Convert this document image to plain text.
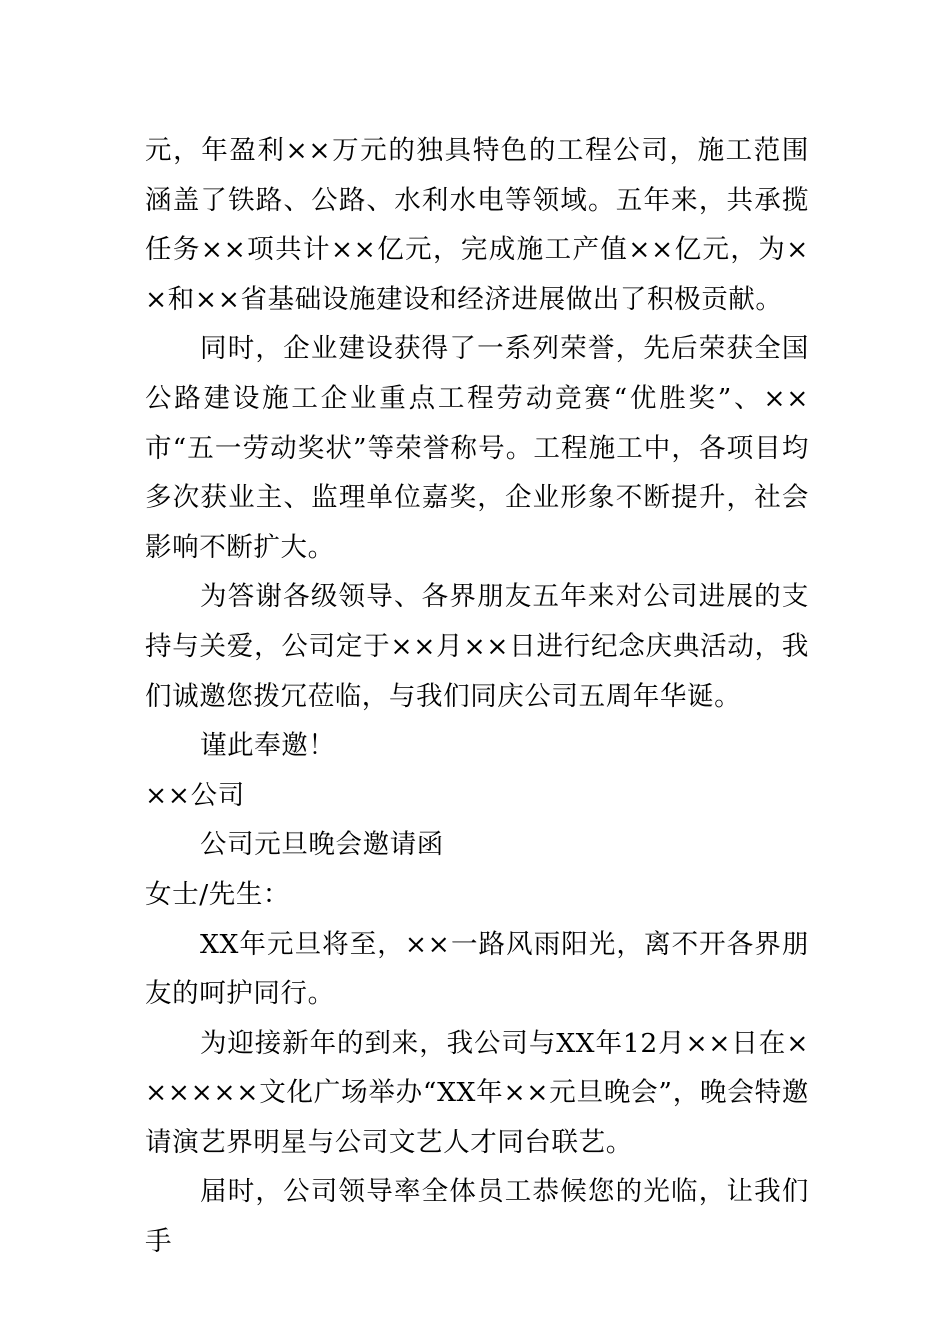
元，年盈利××万元的独具特色的工程公司，施工范围涵盖了铁路、公路、水利水电等领域。五年来，共承揽任务××项共计××亿元，完成施工产值××亿元，为××和××省基础设施建设和经济进展做出了积极贡献。

同时，企业建设获得了一系列荣誉，先后荣获全国公路建设施工企业重点工程劳动竞赛“优胜奖”、××市“五一劳动奖状”等荣誉称号。工程施工中，各项目均多次获业主、监理单位嘉奖，企业形象不断提升，社会影响不断扩大。

为答谢各级领导、各界朋友五年来对公司进展的支持与关爱，公司定于××月××日进行纪念庆典活动，我们诚邀您拨冗莅临，与我们同庆公司五周年华诞。

谨此奉邀！

××公司

公司元旦晚会邀请函

女士/先生：

XX年元旦将至，××一路风雨阳光，离不开各界朋友的呵护同行。

为迎接新年的到来，我公司与XX年12月××日在××××××文化广场举办“XX年××元旦晚会”，晚会特邀请演艺界明星与公司文艺人才同台联艺。

届时，公司领导率全体员工恭候您的光临，让我们手
